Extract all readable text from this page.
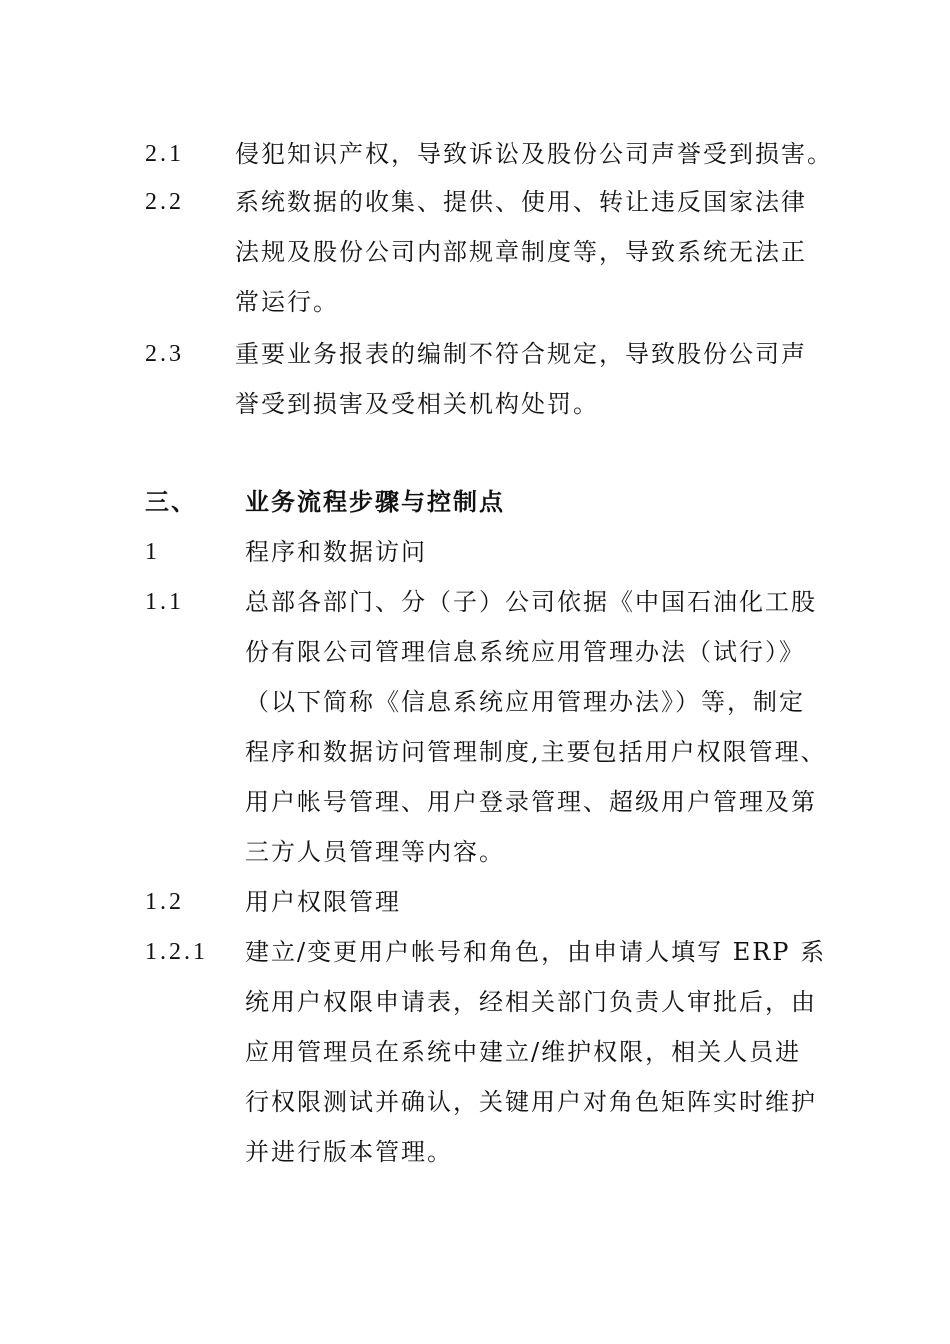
2.1 侵犯知识产权，导致诉讼及股份公司声誉受到损害。
2.2 系统数据的收集、提供、使用、转让违反国家法律
法规及股份公司内部规章制度等，导致系统无法正
常运行。
2.3 重要业务报表的编制不符合规定，导致股份公司声
誉受到损害及受相关机构处罚。
三、 业务流程步骤与控制点
1	程序和数据访问
1.1	总部各部门、分（子）公司依据《中国石油化工股
份有限公司管理信息系统应用管理办法（试行）》
（以下简称《信息系统应用管理办法》）等，制定
程序和数据访问管理制度,主要包括用户权限管理、
用户帐号管理、用户登录管理、超级用户管理及第
三方人员管理等内容。
1.2	用户权限管理
1.2.1 建立/变更用户帐号和角色，由申请人填写 ERP 系
统用户权限申请表，经相关部门负责人审批后，由
应用管理员在系统中建立/维护权限，相关人员进
行权限测试并确认，关键用户对角色矩阵实时维护
并进行版本管理。
